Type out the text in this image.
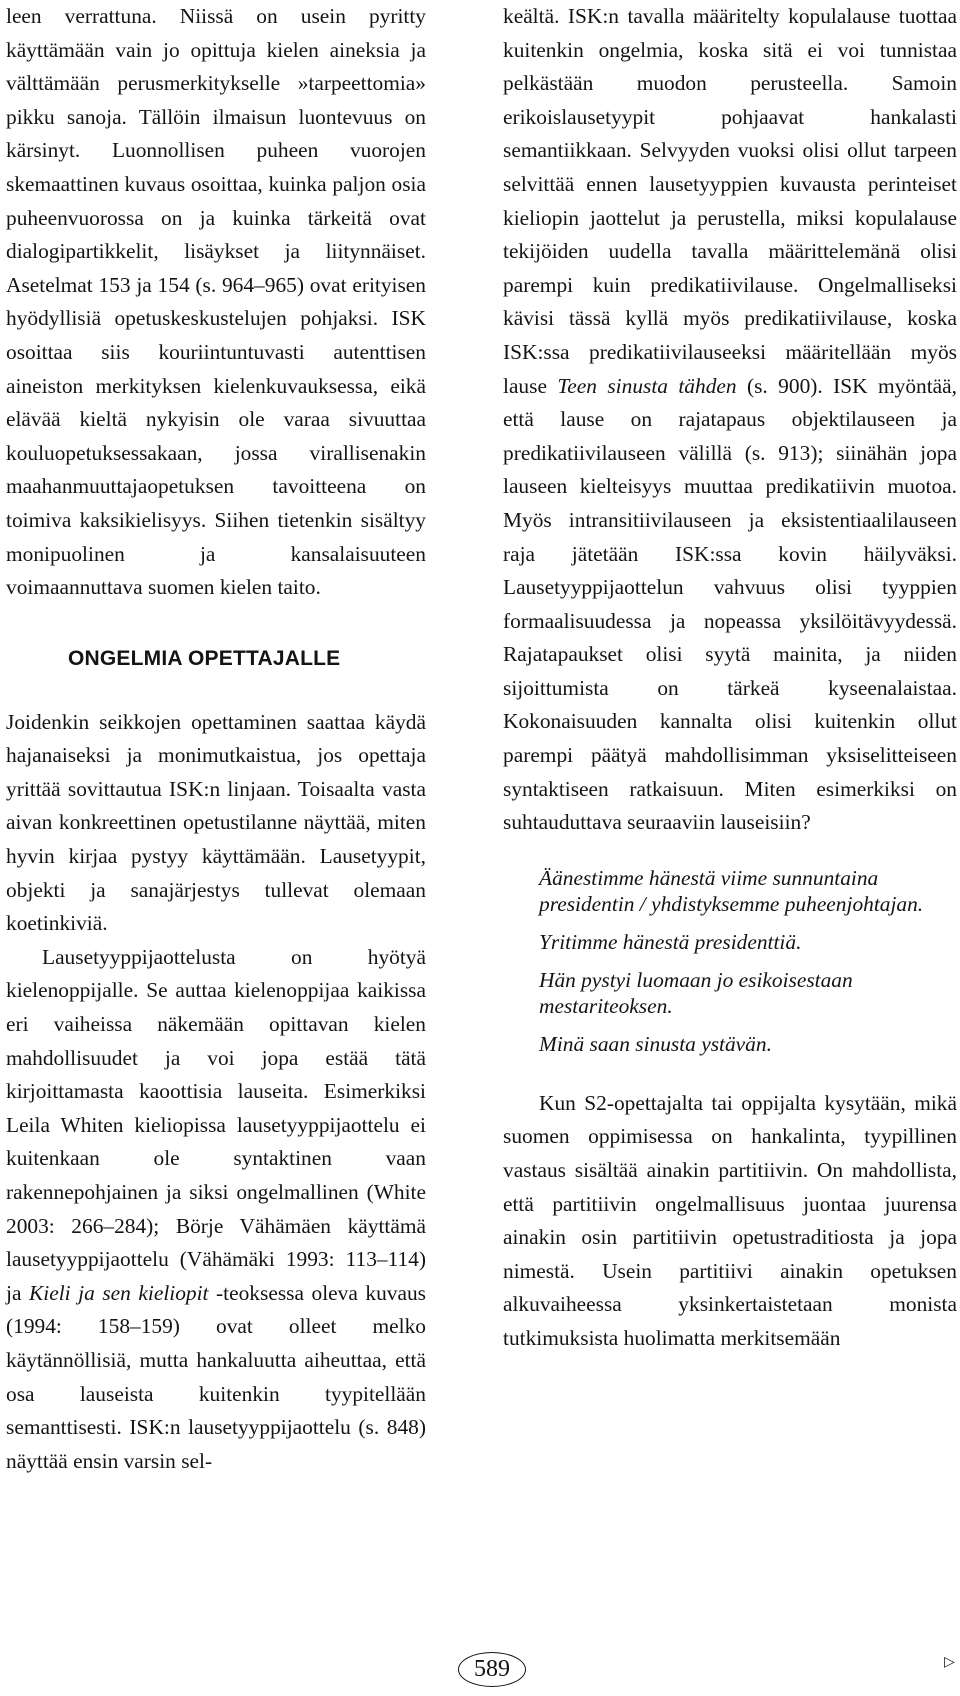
leen verrattuna. Niissä on usein pyritty käyttämään vain jo opittuja kielen aineksia ja välttämään perusmerkitykselle »tarpeettomia» pikku sanoja. Tällöin ilmaisun luontevuus on kärsinyt. Luonnollisen puheen vuorojen skemaattinen kuvaus osoittaa, kuinka paljon osia puheenvuorossa on ja kuinka tärkeitä ovat dialogipartikkelit, lisäykset ja liitynnäiset. Asetelmat 153 ja 154 (s. 964–965) ovat erityisen hyödyllisiä opetuskeskustelujen pohjaksi. ISK osoittaa siis kouriintuntuvasti autenttisen aineiston merkityksen kielenkuvauksessa, eikä elävää kieltä nykyisin ole varaa sivuuttaa kouluopetuksessakaan, jossa virallisenakin maahanmuuttajaopetuksen tavoitteena on toimiva kaksikielisyys. Siihen tietenkin sisältyy monipuolinen ja kansalaisuuteen voimaannuttava suomen kielen taito.

ONGELMIA OPETTAJALLE

Joidenkin seikkojen opettaminen saattaa käydä hajanaiseksi ja monimutkaistua, jos opettaja yrittää sovittautua ISK:n linjaan. Toisaalta vasta aivan konkreettinen opetustilanne näyttää, miten hyvin kirjaa pystyy käyttämään. Lausetyypit, objekti ja sanajärjestys tullevat olemaan koetinkiviä.

Lausetyyppijaottelusta on hyötyä kielenoppijalle. Se auttaa kielenoppijaa kaikissa eri vaiheissa näkemään opittavan kielen mahdollisuudet ja voi jopa estää tätä kirjoittamasta kaoottisia lauseita. Esimerkiksi Leila Whiten kieliopissa lausetyyppijaottelu ei kuitenkaan ole syntaktinen vaan rakennepohjainen ja siksi ongelmallinen (White 2003: 266–284); Börje Vähämäen käyttämä lausetyyppijaottelu (Vähämäki 1993: 113–114) ja Kieli ja sen kieliopit -teoksessa oleva kuvaus (1994: 158–159) ovat olleet melko käytännöllisiä, mutta hankaluutta aiheuttaa, että osa lauseista kuitenkin tyypitellään semanttisesti. ISK:n lausetyyppijaottelu (s. 848) näyttää ensin varsin sel-

keältä. ISK:n tavalla määritelty kopulalause tuottaa kuitenkin ongelmia, koska sitä ei voi tunnistaa pelkästään muodon perusteella. Samoin erikoislausetyypit pohjaavat hankalasti semantiikkaan. Selvyyden vuoksi olisi ollut tarpeen selvittää ennen lausetyyppien kuvausta perinteiset kieliopin jaottelut ja perustella, miksi kopulalause tekijöiden uudella tavalla määrittelemänä olisi parempi kuin predikatiivilause. Ongelmalliseksi kävisi tässä kyllä myös predikatiivilause, koska ISK:ssa predikatiivilauseeksi määritellään myös lause Teen sinusta tähden (s. 900). ISK myöntää, että lause on rajatapaus objektilauseen ja predikatiivilauseen välillä (s. 913); siinähän jopa lauseen kielteisyys muuttaa predikatiivin muotoa. Myös intransitiivilauseen ja eksistentiaalilauseen raja jätetään ISK:ssa kovin häilyväksi. Lausetyyppijaottelun vahvuus olisi tyyppien formaalisuudessa ja nopeassa yksilöitävyydessä. Rajatapaukset olisi syytä mainita, ja niiden sijoittumista on tärkeä kyseenalaistaa. Kokonaisuuden kannalta olisi kuitenkin ollut parempi päätyä mahdollisimman yksiselitteiseen syntaktiseen ratkaisuun. Miten esimerkiksi on suhtauduttava seuraaviin lauseisiin?

Äänestimme hänestä viime sunnuntaina presidentin / yhdistyksemme puheenjohtajan.

Yritimme hänestä presidenttiä.

Hän pystyi luomaan jo esikoisestaan mestariteoksen.

Minä saan sinusta ystävän.

Kun S2-opettajalta tai oppijalta kysytään, mikä suomen oppimisessa on hankalinta, tyypillinen vastaus sisältää ainakin partitiivin. On mahdollista, että partitiivin ongelmallisuus juontaa juurensa ainakin osin partitiivin opetustraditiosta ja jopa nimestä. Usein partitiivi ainakin opetuksen alkuvaiheessa yksinkertaistetaan monista tutkimuksista huolimatta merkitsemään

▷
589
